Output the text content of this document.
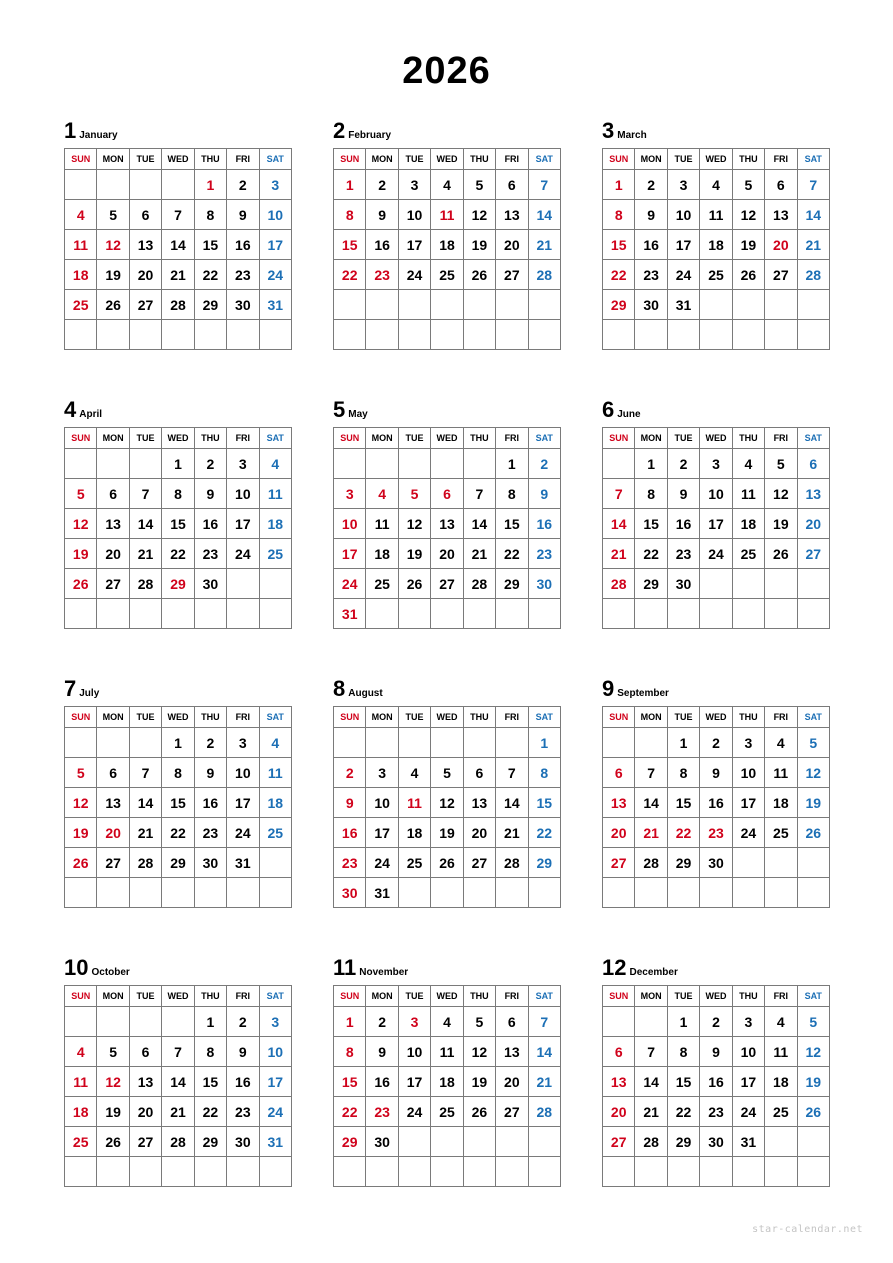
2026
1 January
SUN	MON	TUE	WED	THU	FRI	SAT
				1	2	3
4	5	6	7	8	9	10
11	12	13	14	15	16	17
18	19	20	21	22	23	24
25	26	27	28	29	30	31

2 February
SUN	MON	TUE	WED	THU	FRI	SAT
1	2	3	4	5	6	7
8	9	10	11	12	13	14
15	16	17	18	19	20	21
22	23	24	25	26	27	28

3 March
SUN	MON	TUE	WED	THU	FRI	SAT
1	2	3	4	5	6	7
8	9	10	11	12	13	14
15	16	17	18	19	20	21
22	23	24	25	26	27	28
29	30	31				

4 April
SUN	MON	TUE	WED	THU	FRI	SAT
			1	2	3	4
5	6	7	8	9	10	11
12	13	14	15	16	17	18
19	20	21	22	23	24	25
26	27	28	29	30		

5 May
SUN	MON	TUE	WED	THU	FRI	SAT
					1	2
3	4	5	6	7	8	9
10	11	12	13	14	15	16
17	18	19	20	21	22	23
24	25	26	27	28	29	30
31						
6 June
SUN	MON	TUE	WED	THU	FRI	SAT
	1	2	3	4	5	6
7	8	9	10	11	12	13
14	15	16	17	18	19	20
21	22	23	24	25	26	27
28	29	30				

7 July
SUN	MON	TUE	WED	THU	FRI	SAT
			1	2	3	4
5	6	7	8	9	10	11
12	13	14	15	16	17	18
19	20	21	22	23	24	25
26	27	28	29	30	31	

8 August
SUN	MON	TUE	WED	THU	FRI	SAT
						1
2	3	4	5	6	7	8
9	10	11	12	13	14	15
16	17	18	19	20	21	22
23	24	25	26	27	28	29
30	31					
9 September
SUN	MON	TUE	WED	THU	FRI	SAT
		1	2	3	4	5
6	7	8	9	10	11	12
13	14	15	16	17	18	19
20	21	22	23	24	25	26
27	28	29	30			

10 October
SUN	MON	TUE	WED	THU	FRI	SAT
				1	2	3
4	5	6	7	8	9	10
11	12	13	14	15	16	17
18	19	20	21	22	23	24
25	26	27	28	29	30	31

11 November
SUN	MON	TUE	WED	THU	FRI	SAT
1	2	3	4	5	6	7
8	9	10	11	12	13	14
15	16	17	18	19	20	21
22	23	24	25	26	27	28
29	30					

12 December
SUN	MON	TUE	WED	THU	FRI	SAT
		1	2	3	4	5
6	7	8	9	10	11	12
13	14	15	16	17	18	19
20	21	22	23	24	25	26
27	28	29	30	31		

star-calendar.net
